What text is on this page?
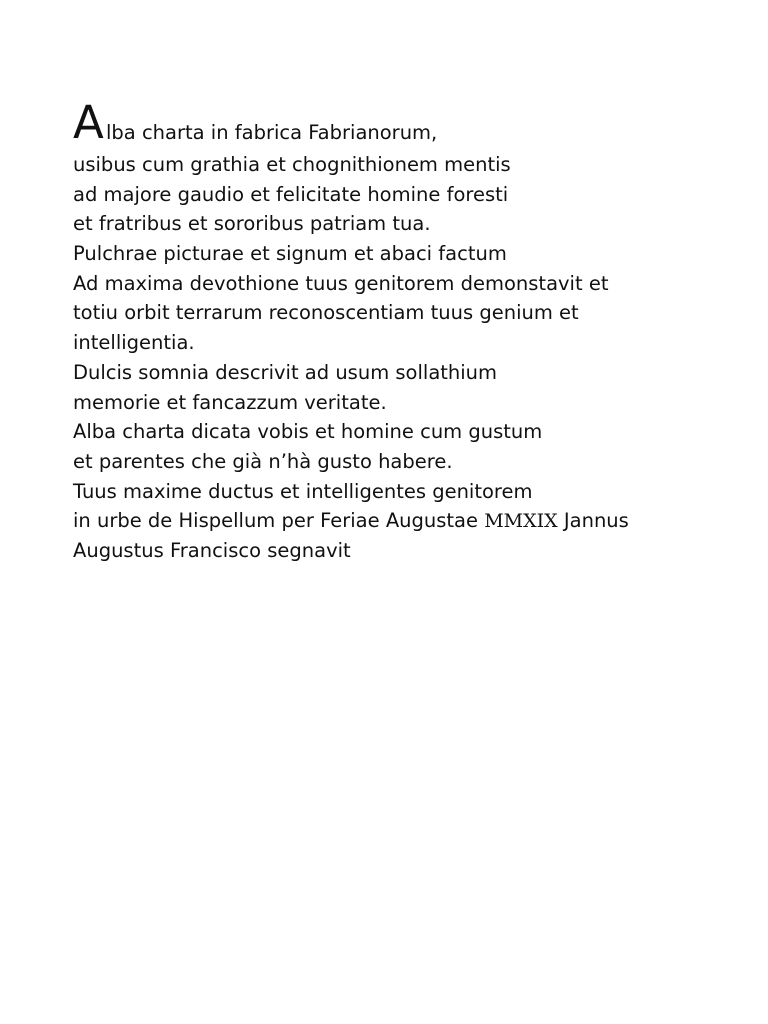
A lba charta in fabrica Fabrianorum,
usibus cum grathia et chognithionem mentis
ad majore gaudio et felicitate homine foresti
et fratribus et sororibus patriam tua.
Pulchrae picturae et signum et abaci factum
Ad maxima devothione tuus genitorem demonstavit et
totiu orbit terrarum reconoscentiam tuus genium et
intelligentia.
Dulcis somnia descrivit ad usum sollathium
memorie et fancazzum veritate.
Alba charta dicata vobis et homine cum gustum
et parentes che già n’hà gusto habere.
Tuus maxime ductus et intelligentes genitorem
in urbe de Hispellum per Feriae Augustae MMXIX Jannus
Augustus Francisco segnavit
